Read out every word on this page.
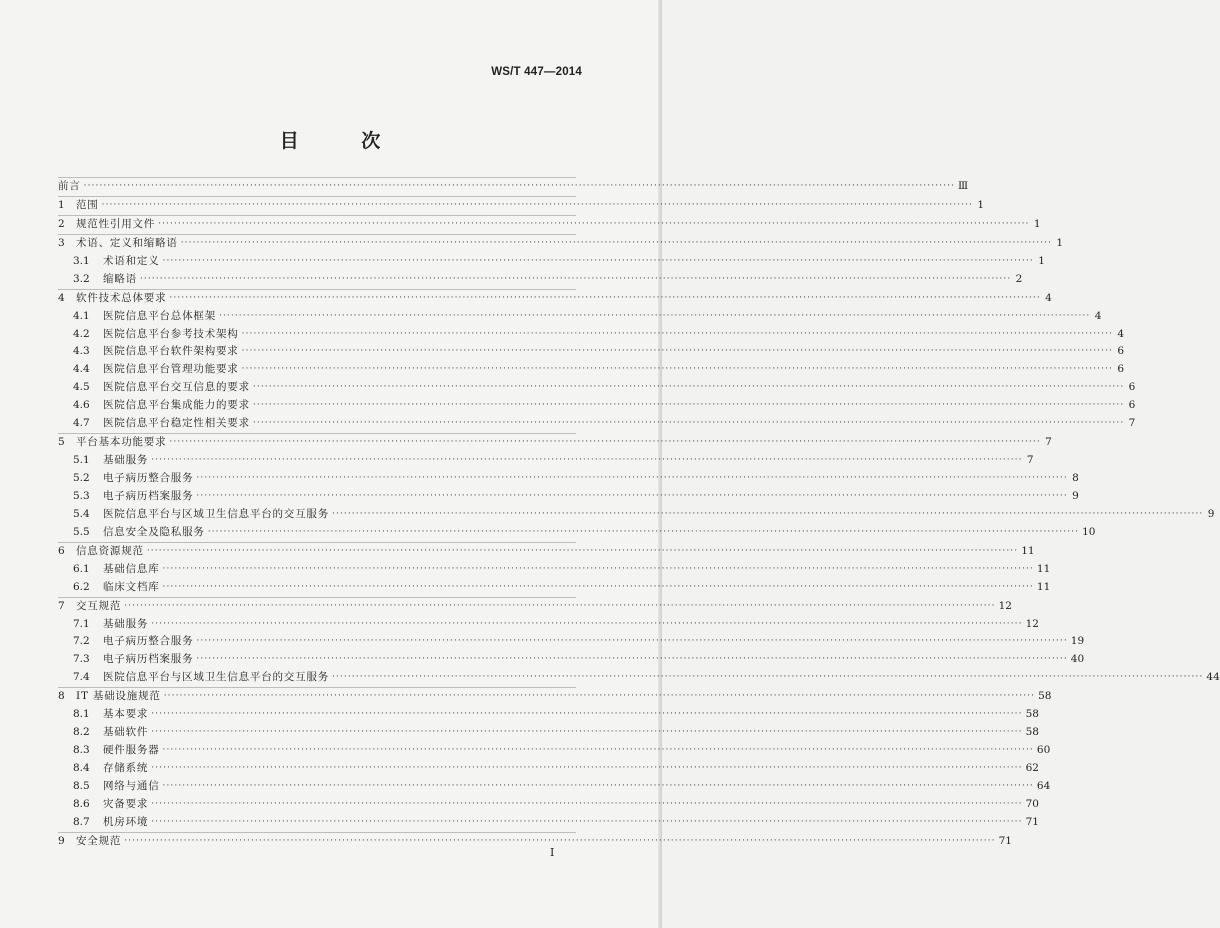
WS/T 447—2014
目 次
前言 ···························································································································································································································· Ⅲ
1	范围 ···························································································································································································································· 1
2	规范性引用文件 ···························································································································································································································· 1
3	术语、定义和缩略语 ···························································································································································································································· 1
3.1	术语和定义 ···························································································································································································································· 1
3.2	缩略语 ···························································································································································································································· 2
4	软件技术总体要求 ···························································································································································································································· 4
4.1	医院信息平台总体框架 ···························································································································································································································· 4
4.2	医院信息平台参考技术架构 ···························································································································································································································· 4
4.3	医院信息平台软件架构要求 ···························································································································································································································· 6
4.4	医院信息平台管理功能要求 ···························································································································································································································· 6
4.5	医院信息平台交互信息的要求 ···························································································································································································································· 6
4.6	医院信息平台集成能力的要求 ···························································································································································································································· 6
4.7	医院信息平台稳定性相关要求 ···························································································································································································································· 7
5	平台基本功能要求 ···························································································································································································································· 7
5.1	基础服务 ···························································································································································································································· 7
5.2	电子病历整合服务 ···························································································································································································································· 8
5.3	电子病历档案服务 ···························································································································································································································· 9
5.4	医院信息平台与区域卫生信息平台的交互服务 ···························································································································································································································· 9
5.5	信息安全及隐私服务 ···························································································································································································································· 10
6	信息资源规范 ···························································································································································································································· 11
6.1	基础信息库 ···························································································································································································································· 11
6.2	临床文档库 ···························································································································································································································· 11
7	交互规范 ···························································································································································································································· 12
7.1	基础服务 ···························································································································································································································· 12
7.2	电子病历整合服务 ···························································································································································································································· 19
7.3	电子病历档案服务 ···························································································································································································································· 40
7.4	医院信息平台与区域卫生信息平台的交互服务 ···························································································································································································································· 44
8	IT 基础设施规范 ···························································································································································································································· 58
8.1	基本要求 ···························································································································································································································· 58
8.2	基础软件 ···························································································································································································································· 58
8.3	硬件服务器 ···························································································································································································································· 60
8.4	存储系统 ···························································································································································································································· 62
8.5	网络与通信 ···························································································································································································································· 64
8.6	灾备要求 ···························································································································································································································· 70
8.7	机房环境 ···························································································································································································································· 71
9	安全规范 ···························································································································································································································· 71
I
